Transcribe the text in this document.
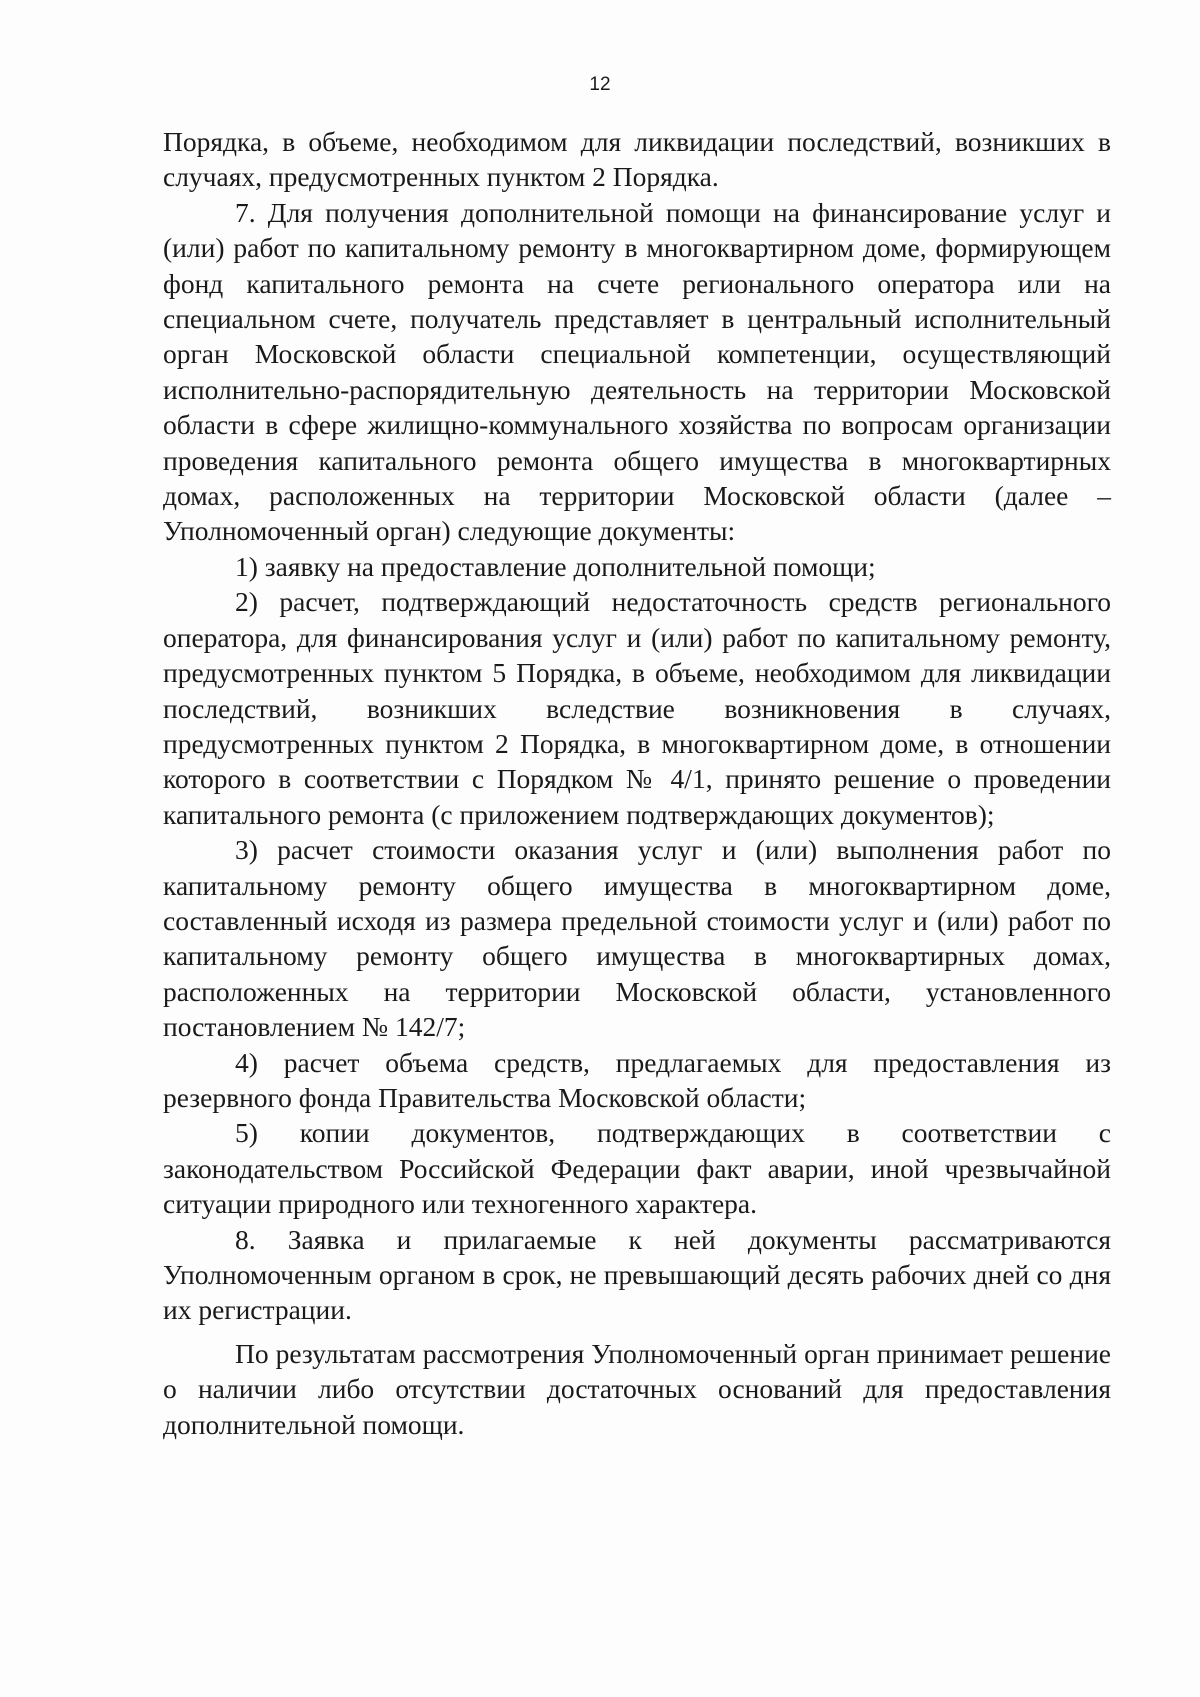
12

Порядка, в объеме, необходимом для ликвидации последствий, возникших в случаях, предусмотренных пунктом 2 Порядка.

7. Для получения дополнительной помощи на финансирование услуг и (или) работ по капитальному ремонту в многоквартирном доме, формирующем фонд капитального ремонта на счете регионального оператора или на специальном счете, получатель представляет в центральный исполнительный орган Московской области специальной компетенции, осуществляющий исполнительно-распорядительную деятельность на территории Московской области в сфере жилищно-коммунального хозяйства по вопросам организации проведения капитального ремонта общего имущества в многоквартирных домах, расположенных на территории Московской области (далее – Уполномоченный орган) следующие документы:

1) заявку на предоставление дополнительной помощи;

2) расчет, подтверждающий недостаточность средств регионального оператора, для финансирования услуг и (или) работ по капитальному ремонту, предусмотренных пунктом 5 Порядка, в объеме, необходимом для ликвидации последствий, возникших вследствие возникновения в случаях, предусмотренных пунктом 2 Порядка, в многоквартирном доме, в отношении которого в соответствии с Порядком № 4/1, принято решение о проведении капитального ремонта (с приложением подтверждающих документов);

3) расчет стоимости оказания услуг и (или) выполнения работ по капитальному ремонту общего имущества в многоквартирном доме, составленный исходя из размера предельной стоимости услуг и (или) работ по капитальному ремонту общего имущества в многоквартирных домах, расположенных на территории Московской области, установленного постановлением № 142/7;

4) расчет объема средств, предлагаемых для предоставления из резервного фонда Правительства Московской области;

5) копии документов, подтверждающих в соответствии с законодательством Российской Федерации факт аварии, иной чрезвычайной ситуации природного или техногенного характера.

8. Заявка и прилагаемые к ней документы рассматриваются Уполномоченным органом в срок, не превышающий десять рабочих дней со дня их регистрации.

По результатам рассмотрения Уполномоченный орган принимает решение о наличии либо отсутствии достаточных оснований для предоставления дополнительной помощи.
